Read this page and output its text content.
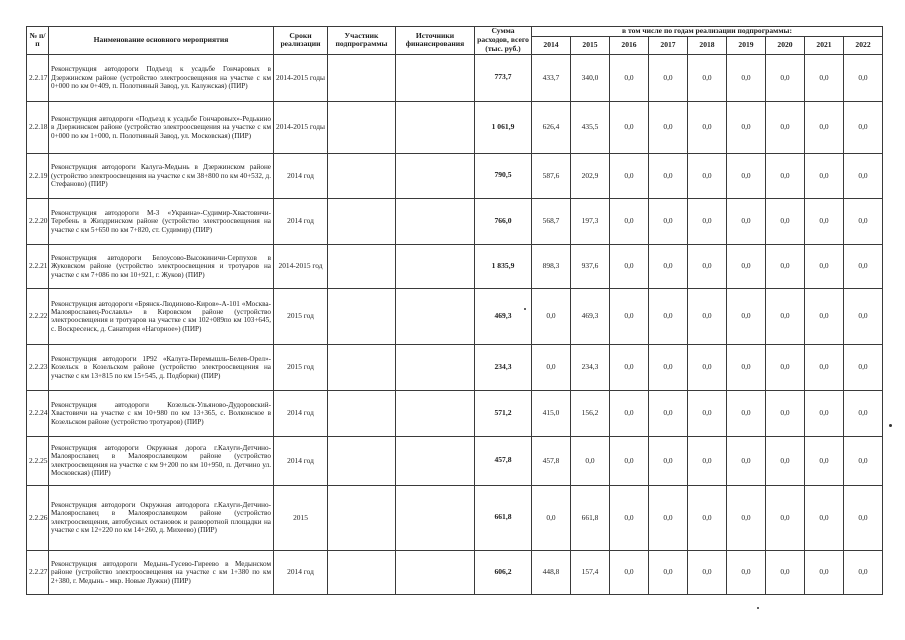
№ п/п	Наименование основного мероприятия	Сроки реализации	Участник подпрограммы	Источники финансирования	Сумма расходов, всего (тыс. руб.)	в том числе по годам реализации подпрограммы:								
						2014	2015	2016	2017	2018	2019	2020	2021	2022
2.2.17	Реконструкция автодороги Подъезд к усадьбе Гончаровых в Дзержинском районе (устройство электроосвещения на участке с км 0+000 по км 0+409, п. Полотняный Завод, ул. Калужская) (ПИР)	2014-2015 годы			773,7	433,7	340,0	0,0	0,0	0,0	0,0	0,0	0,0	0,0
2.2.18	Реконструкция автодороги «Подъезд к усадьбе Гончаровых»-Редькино в Дзержинском районе (устройство электроосвещения на участке с км 0+000 по км 1+000, п. Полотняный Завод, ул. Московская) (ПИР)	2014-2015 годы			1 061,9	626,4	435,5	0,0	0,0	0,0	0,0	0,0	0,0	0,0
2.2.19	Реконструкция автодороги Калуга-Медынь в Дзержинском районе (устройство электроосвещения на участке с км 38+800 по км 40+532, д. Стефаново) (ПИР)	2014 год			790,5	587,6	202,9	0,0	0,0	0,0	0,0	0,0	0,0	0,0
2.2.20	Реконструкция автодороги М-3 «Украина»-Судимир-Хвастовичи-Теребень в Жиздринском районе (устройство электроосвещения на участке с км 5+650 по км 7+820, ст. Судимир) (ПИР)	2014 год			766,0	568,7	197,3	0,0	0,0	0,0	0,0	0,0	0,0	0,0
2.2.21	Реконструкция автодороги Белоусово-Высокиничи-Серпухов в Жуковском районе (устройство электроосвещения и тротуаров на участке с км 7+086 по км 10+921, г. Жуков) (ПИР)	2014-2015 год			1 835,9	898,3	937,6	0,0	0,0	0,0	0,0	0,0	0,0	0,0
2.2.22	Реконструкция автодороги «Брянск-Людиново-Киров»-А-101 «Москва-Малоярославец-Рославль» в Кировском районе (устройство электроосвещения и тротуаров на участке с км 102+089по км 103+645, с. Воскресенск, д. Санатория «Нагорное») (ПИР)	2015 год			469,3	0,0	469,3	0,0	0,0	0,0	0,0	0,0	0,0	0,0
2.2.23	Реконструкция автодороги 1Р92 «Калуга-Перемышль-Белев-Орел»-Козельск в Козельском районе (устройство электроосвещения на участке с км 13+815 по км 15+545, д. Подборки) (ПИР)	2015 год			234,3	0,0	234,3	0,0	0,0	0,0	0,0	0,0	0,0	0,0
2.2.24	Реконструкция автодороги Козельск-Ульяново-Дудоровский-Хвастовичи на участке с км 10+980 по км 13+365, с. Волконское в Козельском районе (устройство тротуаров) (ПИР)	2014 год			571,2	415,0	156,2	0,0	0,0	0,0	0,0	0,0	0,0	0,0
2.2.25	Реконструкция автодороги Окружная дорога г.Калуги-Детчино-Малоярославец в Малоярославецком районе (устройство электроосвещения на участке с км 9+200 по км 10+950, п. Детчино ул. Московская) (ПИР)	2014 год			457,8	457,8	0,0	0,0	0,0	0,0	0,0	0,0	0,0	0,0
2.2.26	Реконструкция автодороги Окружная автодорога г.Калуги-Детчино-Малоярославец в Малоярославецком районе (устройство электроосвещения, автобусных остановок и разворотной площадки на участке с км 12+220 по км 14+260, д. Михеево) (ПИР)	2015			661,8	0,0	661,8	0,0	0,0	0,0	0,0	0,0	0,0	0,0
2.2.27	Реконструкция автодороги Медынь-Гусево-Гиреево в Медынском районе (устройство электроосвещения на участке с км 1+380 по км 2+380, г. Медынь - мкр. Новые Лужки) (ПИР)	2014 год			606,2	448,8	157,4	0,0	0,0	0,0	0,0	0,0	0,0	0,0
